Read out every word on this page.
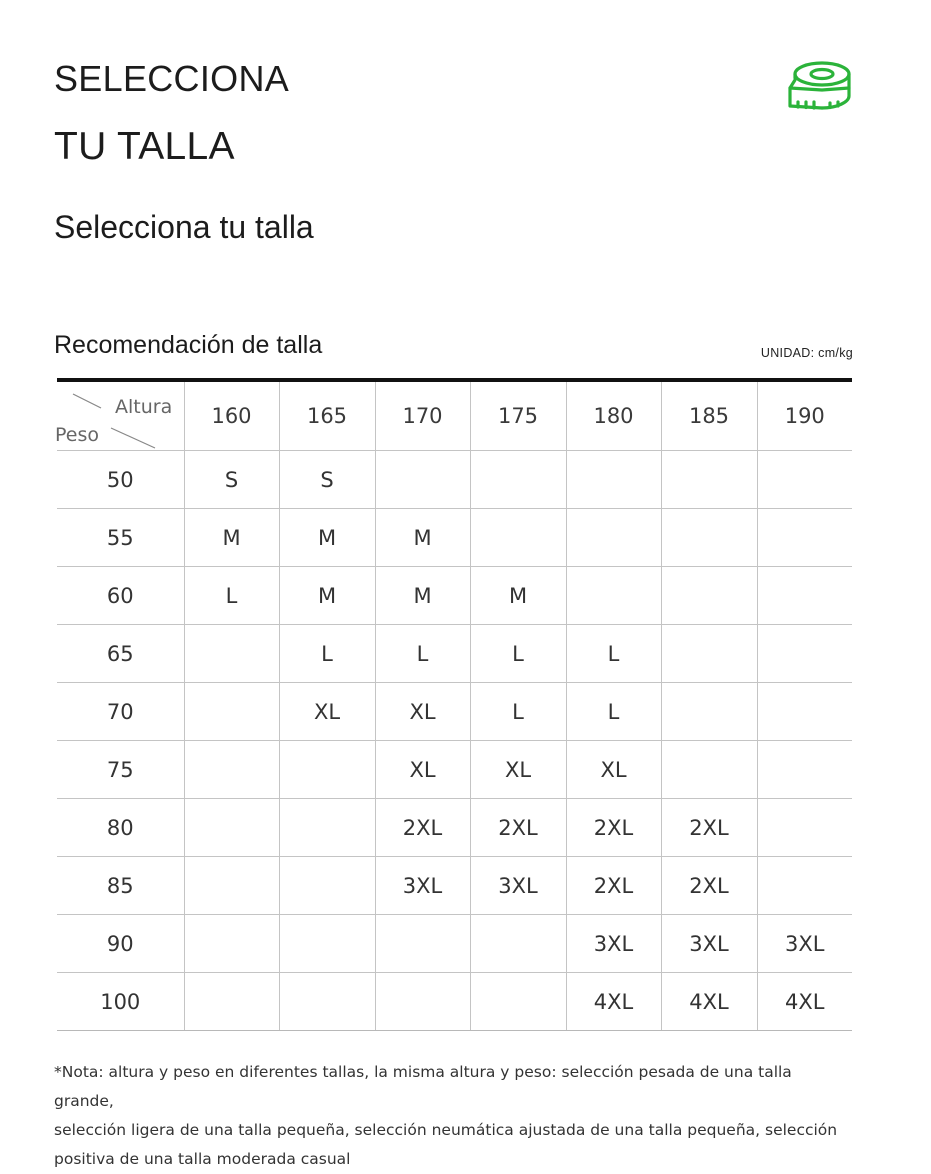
SELECCIONA
TU TALLA
Selecciona tu talla
Recomendación de talla	UNIDAD: cm/kg
Altura
Peso	160	165	170	175	180	185	190
50	S	S					
55	M	M	M				
60	L	M	M	M			
65		L	L	L	L		
70		XL	XL	L	L		
75			XL	XL	XL		
80			2XL	2XL	2XL	2XL	
85			3XL	3XL	2XL	2XL	
90					3XL	3XL	3XL
100					4XL	4XL	4XL
*Nota: altura y peso en diferentes tallas, la misma altura y peso: selección pesada de una talla grande,
selección ligera de una talla pequeña, selección neumática ajustada de una talla pequeña, selección
positiva de una talla moderada casual
